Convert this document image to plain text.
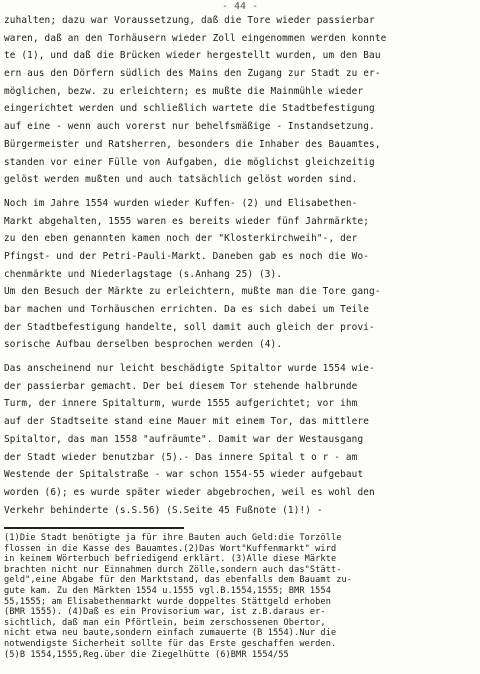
- 44 -
zuhalten; dazu war Voraussetzung, daß die Tore wieder passierbar
waren, daß an den Torhäusern wieder Zoll eingenommen werden konnte
te (1), und daß die Brücken wieder hergestellt wurden, um den Bau
ern aus den Dörfern südlich des Mains den Zugang zur Stadt zu er-
möglichen, bezw. zu erleichtern; es mußte die Mainmühle wieder
eingerichtet werden und schließlich wartete die Stadtbefestigung
auf eine - wenn auch vorerst nur behelfsmäßige - Instandsetzung.
Bürgermeister und Ratsherren, besonders die Inhaber des Bauamtes,
standen vor einer Fülle von Aufgaben, die möglichst gleichzeitig
gelöst werden mußten und auch tatsächlich gelöst worden sind.
Noch im Jahre 1554 wurden wieder Kuffen- (2) und Elisabethen-
Markt abgehalten, 1555 waren es bereits wieder fünf Jahrmärkte;
zu den eben genannten kamen noch der "Klosterkirchweih"-, der
Pfingst- und der Petri-Pauli-Markt. Daneben gab es noch die Wo-
chenmärkte und Niederlagstage (s.Anhang 25) (3).
Um den Besuch der Märkte zu erleichtern, mußte man die Tore gang-
bar machen und Torhäuschen errichten. Da es sich dabei um Teile
der Stadtbefestigung handelte, soll damit auch gleich der provi-
sorische Aufbau derselben besprochen werden (4).
Das anscheinend nur leicht beschädigte Spitaltor wurde 1554 wie-
der passierbar gemacht. Der bei diesem Tor stehende halbrunde
Turm, der innere Spitalturm, wurde 1555 aufgerichtet; vor ihm
auf der Stadtseite stand eine Mauer mit einem Tor, das mittlere
Spitaltor, das man 1558 "aufräumte". Damit war der Westausgang
der Stadt wieder benutzbar (5).- Das innere Spital t o r - am
Westende der Spitalstraße - war schon 1554-55 wieder aufgebaut
worden (6); es wurde später wieder abgebrochen, weil es wohl den
Verkehr behinderte (s.S.56) (S.Seite 45 Fußnote (1)!) -
(1)Die Stadt benötigte ja für ihre Bauten auch Geld:die Torzölle
flossen in die Kasse des Bauamtes.(2)Das Wort"Kuffenmarkt" wird
in keinem Wörterbuch befriedigend erklärt. (3)Alle diese Märkte
brachten nicht nur Einnahmen durch Zölle,sondern auch das"Stätt-
geld",eine Abgabe für den Marktstand, das ebenfalls dem Bauamt zu-
gute kam. Zu den Märkten 1554 u.1555 vgl.B.1554,1555; BMR 1554
55,1555; am Elisabethenmarkt wurde doppeltes Stättgeld erhoben
(BMR 1555). (4)Daß es ein Provisorium war, ist z.B.daraus er-
sichtlich, daß man ein Pförtlein, beim zerschossenen Obertor,
nicht etwa neu baute,sondern einfach zumauerte (B 1554).Nur die
notwendigste Sicherheit sollte für das Erste geschaffen werden.
(5)B 1554,1555,Reg.über die Ziegelhütte (6)BMR 1554/55
